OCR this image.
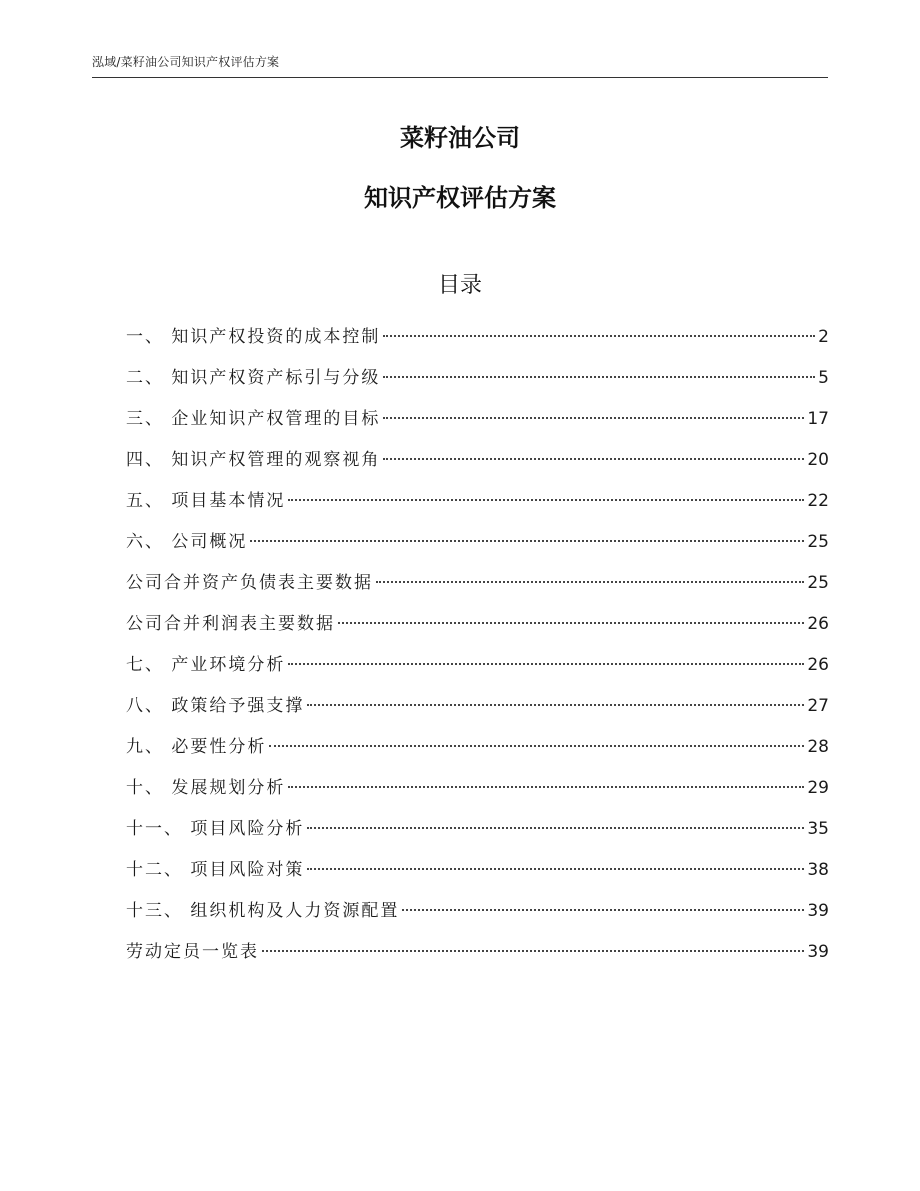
泓域/菜籽油公司知识产权评估方案
菜籽油公司
知识产权评估方案
目录
一、 知识产权投资的成本控制	2
二、 知识产权资产标引与分级	5
三、 企业知识产权管理的目标	17
四、 知识产权管理的观察视角	20
五、 项目基本情况	22
六、 公司概况	25
公司合并资产负债表主要数据	25
公司合并利润表主要数据	26
七、 产业环境分析	26
八、 政策给予强支撑	27
九、 必要性分析	28
十、 发展规划分析	29
十一、 项目风险分析	35
十二、 项目风险对策	38
十三、 组织机构及人力资源配置	39
劳动定员一览表	39
